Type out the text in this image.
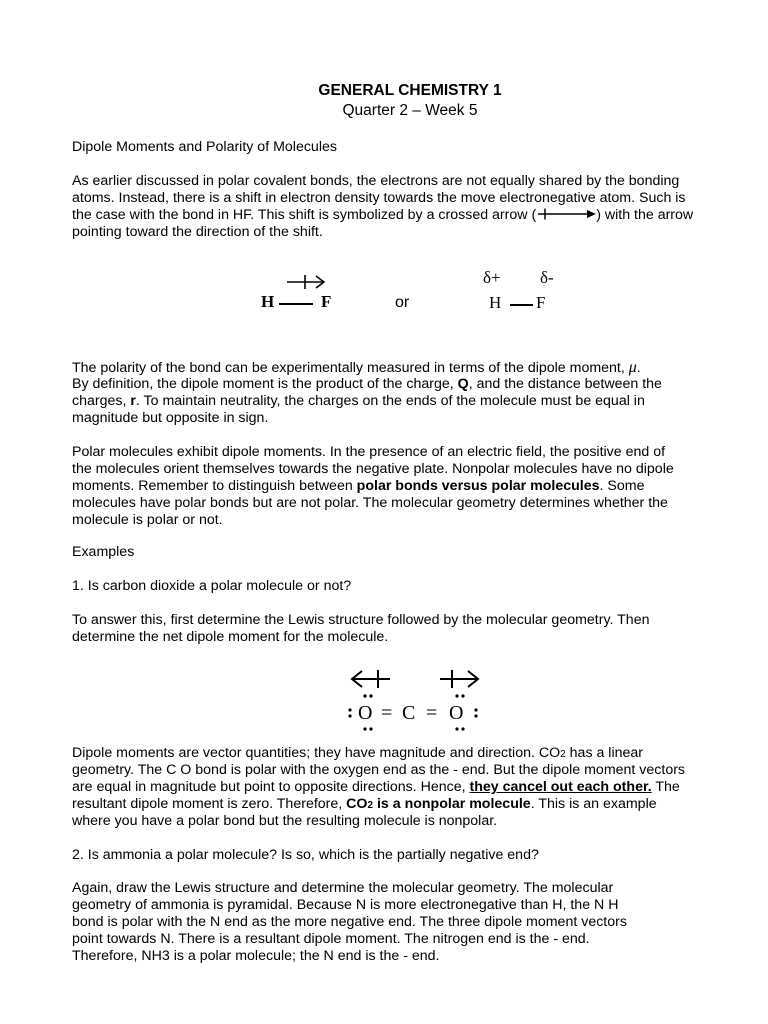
GENERAL CHEMISTRY 1
Quarter 2 – Week 5
Dipole Moments and Polarity of Molecules
As earlier discussed in polar covalent bonds, the electrons are not equally shared by the bonding
atoms. Instead, there is a shift in electron density towards the move electronegative atom. Such is
the case with the bond in HF. This shift is symbolized by a crossed arrow (	) with the arrow
pointing toward the direction of the shift.
H	F	or
δ+ δ-
H F
The polarity of the bond can be experimentally measured in terms of the dipole moment, μ.
By definition, the dipole moment is the product of the charge, Q, and the distance between the
charges, r. To maintain neutrality, the charges on the ends of the molecule must be equal in
magnitude but opposite in sign.
Polar molecules exhibit dipole moments. In the presence of an electric field, the positive end of
the molecules orient themselves towards the negative plate. Nonpolar molecules have no dipole
moments. Remember to distinguish between polar bonds versus polar molecules. Some
molecules have polar bonds but are not polar. The molecular geometry determines whether the
molecule is polar or not.
Examples
1. Is carbon dioxide a polar molecule or not?
To answer this, first determine the Lewis structure followed by the molecular geometry. Then
determine the net dipole moment for the molecule.
O = C = O
Dipole moments are vector quantities; they have magnitude and direction. CO2 has a linear
geometry. The C O bond is polar with the oxygen end as the - end. But the dipole moment vectors
are equal in magnitude but point to opposite directions. Hence, they cancel out each other. The
resultant dipole moment is zero. Therefore, CO2 is a nonpolar molecule. This is an example
where you have a polar bond but the resulting molecule is nonpolar.
2. Is ammonia a polar molecule? Is so, which is the partially negative end?
Again, draw the Lewis structure and determine the molecular geometry. The molecular
geometry of ammonia is pyramidal. Because N is more electronegative than H, the N H
bond is polar with the N end as the more negative end. The three dipole moment vectors
point towards N. There is a resultant dipole moment. The nitrogen end is the - end.
Therefore, NH3 is a polar molecule; the N end is the - end.
